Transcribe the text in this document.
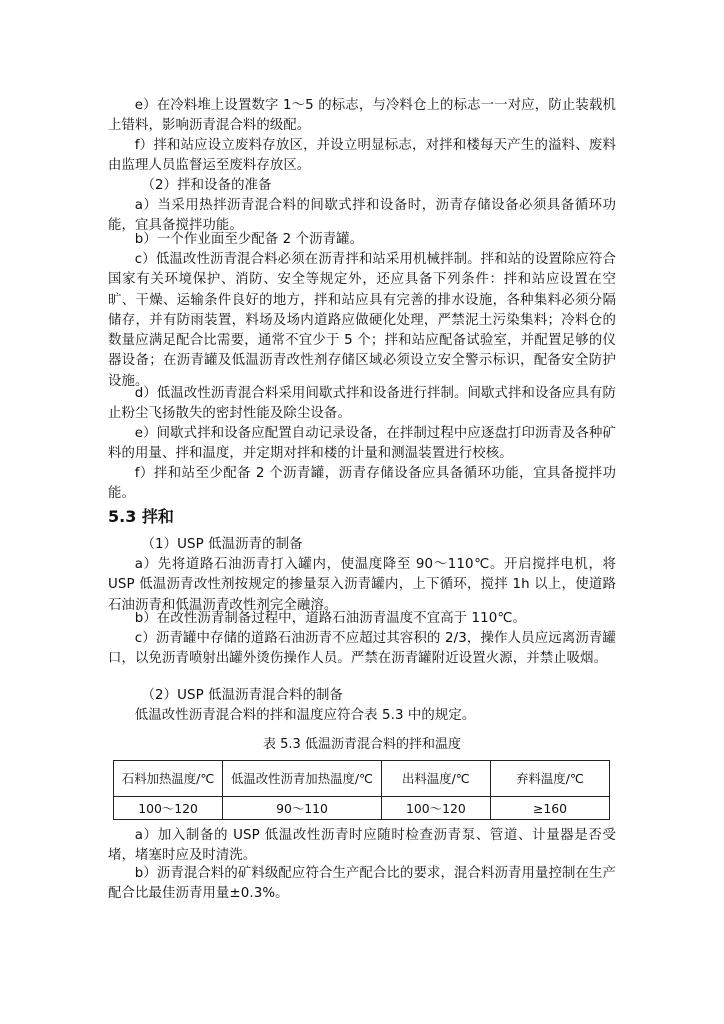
e）在冷料堆上设置数字 1～5 的标志，与冷料仓上的标志一一对应，防止装载机上错料，影响沥青混合料的级配。

f）拌和站应设立废料存放区，并设立明显标志，对拌和楼每天产生的溢料、废料由监理人员监督运至废料存放区。

（2）拌和设备的准备

a）当采用热拌沥青混合料的间歇式拌和设备时，沥青存储设备必须具备循环功能，宜具备搅拌功能。

b）一个作业面至少配备 2 个沥青罐。

c）低温改性沥青混合料必须在沥青拌和站采用机械拌制。拌和站的设置除应符合国家有关环境保护、消防、安全等规定外，还应具备下列条件：拌和站应设置在空旷、干燥、运输条件良好的地方，拌和站应具有完善的排水设施，各种集料必须分隔储存，并有防雨装置，料场及场内道路应做硬化处理，严禁泥土污染集料；冷料仓的数量应满足配合比需要，通常不宜少于 5 个；拌和站应配备试验室，并配置足够的仪器设备；在沥青罐及低温沥青改性剂存储区域必须设立安全警示标识，配备安全防护设施。

d）低温改性沥青混合料采用间歇式拌和设备进行拌制。间歇式拌和设备应具有防止粉尘飞扬散失的密封性能及除尘设备。

e）间歇式拌和设备应配置自动记录设备，在拌制过程中应逐盘打印沥青及各种矿料的用量、拌和温度，并定期对拌和楼的计量和测温装置进行校核。

f）拌和站至少配备 2 个沥青罐，沥青存储设备应具备循环功能，宜具备搅拌功能。

5.3 拌和

（1）USP 低温沥青的制备

a）先将道路石油沥青打入罐内，使温度降至 90～110℃。开启搅拌电机，将 USP 低温沥青改性剂按规定的掺量泵入沥青罐内，上下循环，搅拌 1h 以上，使道路石油沥青和低温沥青改性剂完全融溶。

b）在改性沥青制备过程中，道路石油沥青温度不宜高于 110℃。

c）沥青罐中存储的道路石油沥青不应超过其容积的 2/3，操作人员应远离沥青罐口，以免沥青喷射出罐外烫伤操作人员。严禁在沥青罐附近设置火源，并禁止吸烟。

（2）USP 低温沥青混合料的制备

低温改性沥青混合料的拌和温度应符合表 5.3 中的规定。

表 5.3 低温沥青混合料的拌和温度

石料加热温度/℃	低温改性沥青加热温度/℃	出料温度/℃	弃料温度/℃
100～120	90～110	100～120	≥160

a）加入制备的 USP 低温改性沥青时应随时检查沥青泵、管道、计量器是否受堵，堵塞时应及时清洗。

b）沥青混合料的矿料级配应符合生产配合比的要求，混合料沥青用量控制在生产配合比最佳沥青用量±0.3%。
